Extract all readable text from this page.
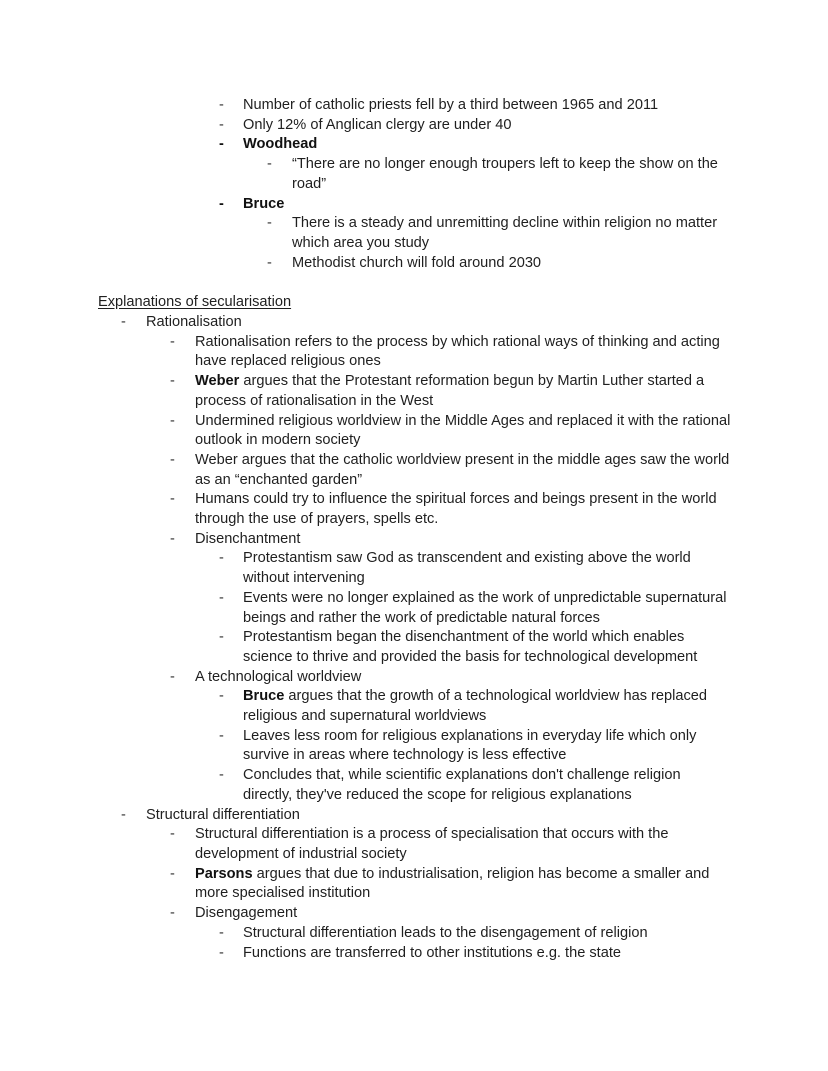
-	Number of catholic priests fell by a third between 1965 and 2011
-	Only 12% of Anglican clergy are under 40
-	Woodhead
-	“There are no longer enough troupers left to keep the show on the road”
-	Bruce
-	There is a steady and unremitting decline within religion no matter which area you study
-	Methodist church will fold around 2030
Explanations of secularisation
-	Rationalisation
-	Rationalisation refers to the process by which rational ways of thinking and acting have replaced religious ones
-	Weber argues that the Protestant reformation begun by Martin Luther started a process of rationalisation in the West
-	Undermined religious worldview in the Middle Ages and replaced it with the rational outlook in modern society
-	Weber argues that the catholic worldview present in the middle ages saw the world as an “enchanted garden”
-	Humans could try to influence the spiritual forces and beings present in the world through the use of prayers, spells etc.
-	Disenchantment
-	Protestantism saw God as transcendent and existing above the world without intervening
-	Events were no longer explained as the work of unpredictable supernatural beings and rather the work of predictable natural forces
-	Protestantism began the disenchantment of the world which enables science to thrive and provided the basis for technological development
-	A technological worldview
-	Bruce argues that the growth of a technological worldview has replaced religious and supernatural worldviews
-	Leaves less room for religious explanations in everyday life which only survive in areas where technology is less effective
-	Concludes that, while scientific explanations don't challenge religion directly, they've reduced the scope for religious explanations
-	Structural differentiation
-	Structural differentiation is a process of specialisation that occurs with the development of industrial society
-	Parsons argues that due to industrialisation, religion has become a smaller and more specialised institution
-	Disengagement
-	Structural differentiation leads to the disengagement of religion
-	Functions are transferred to other institutions e.g. the state
